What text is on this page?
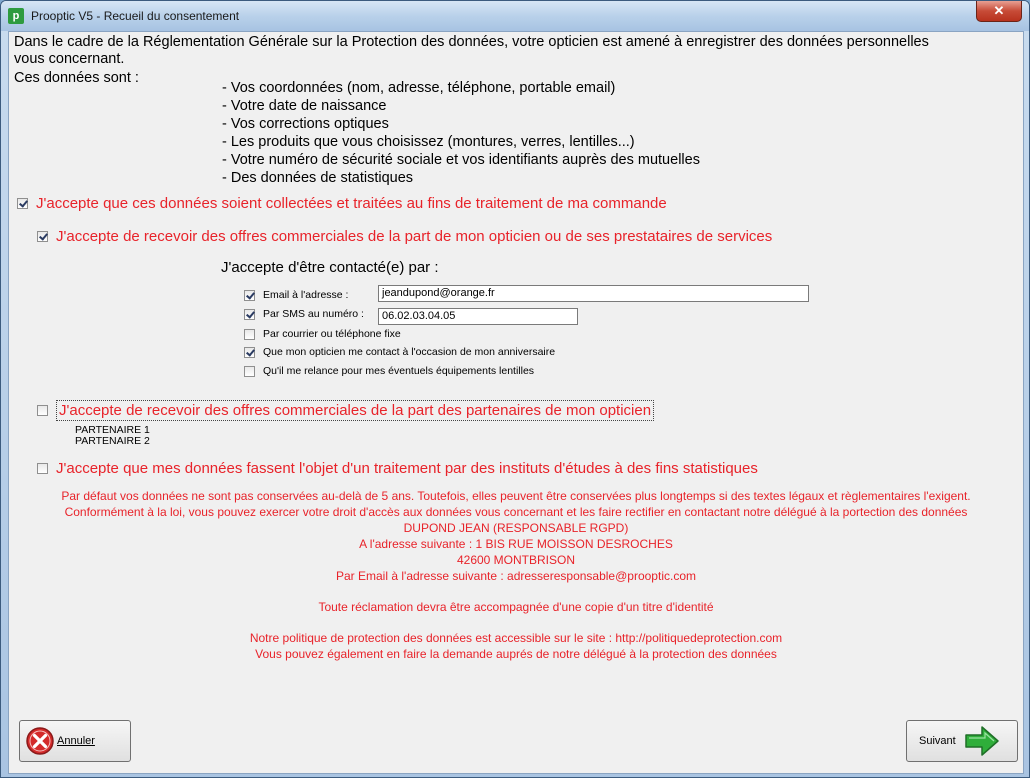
p Prooptic V5 - Recueil du consentement	✕
Dans le cadre de la Réglementation Générale sur la Protection des données, votre opticien est amené à enregistrer des données personnelles vous concernant.
Ces données sont :
- Vos coordonnées (nom, adresse, téléphone, portable email)
- Votre date de naissance
- Vos corrections optiques
- Les produits que vous choisissez (montures, verres, lentilles...)
- Votre numéro de sécurité sociale et vos identifiants auprès des mutuelles
- Des données de statistiques
J'accepte que ces données soient collectées et traitées au fins de traitement de ma commande
J'accepte de recevoir des offres commerciales de la part de mon opticien ou de ses prestataires de services
J'accepte d'être contacté(e) par :
Email à l'adresse :	jeandupond@orange.fr
Par SMS au numéro :	06.02.03.04.05
Par courrier ou téléphone fixe
Que mon opticien me contact à l'occasion de mon anniversaire
Qu'il me relance pour mes éventuels équipements lentilles
J'accepte de recevoir des offres commerciales de la part des partenaires de mon opticien
PARTENAIRE 1
PARTENAIRE 2
J'accepte que mes données fassent l'objet d'un traitement par des instituts d'études à des fins statistiques
Par défaut vos données ne sont pas conservées au-delà de 5 ans. Toutefois, elles peuvent être conservées plus longtemps si des textes légaux et règlementaires l'exigent.
Conformément à la loi, vous pouvez exercer votre droit d'accès aux données vous concernant et les faire rectifier en contactant notre délégué à la portection des données
DUPOND JEAN (RESPONSABLE RGPD)
A l'adresse suivante : 1 BIS RUE MOISSON DESROCHES
42600 MONTBRISON
Par Email à l'adresse suivante : adresseresponsable@prooptic.com
Toute réclamation devra être accompagnée d'une copie d'un titre d'identité
Notre politique de protection des données est accessible sur le site : http://politiquedeprotection.com
Vous pouvez également en faire la demande auprés de notre délégué à la protection des données
Annuler	Suivant
